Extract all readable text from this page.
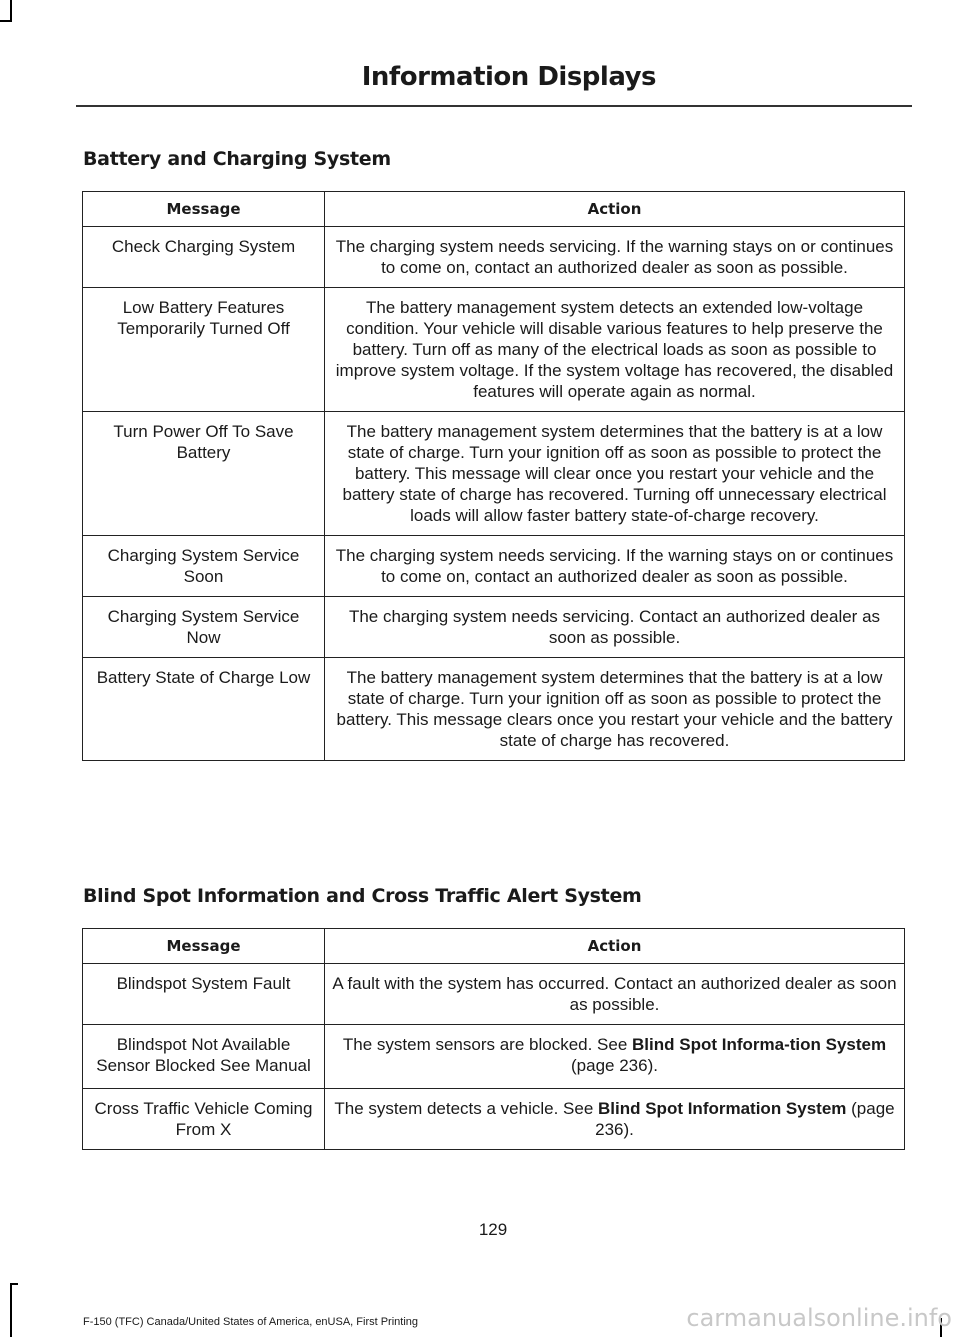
Information Displays
Battery and Charging System
Message	Action
Check Charging System	The charging system needs servicing. If the warning stays on or continues to come on, contact an authorized dealer as soon as possible.
Low Battery Features Temporarily Turned Off	The battery management system detects an extended low-voltage condition. Your vehicle will disable various features to help preserve the battery. Turn off as many of the electrical loads as soon as possible to improve system voltage. If the system voltage has recovered, the disabled features will operate again as normal.
Turn Power Off To Save Battery	The battery management system determines that the battery is at a low state of charge. Turn your ignition off as soon as possible to protect the battery. This message will clear once you restart your vehicle and the battery state of charge has recovered. Turning off unnecessary electrical loads will allow faster battery state-of-charge recovery.
Charging System Service Soon	The charging system needs servicing. If the warning stays on or continues to come on, contact an authorized dealer as soon as possible.
Charging System Service Now	The charging system needs servicing. Contact an authorized dealer as soon as possible.
Battery State of Charge Low	The battery management system determines that the battery is at a low state of charge. Turn your ignition off as soon as possible to protect the battery. This message clears once you restart your vehicle and the battery state of charge has recovered.
Blind Spot Information and Cross Traffic Alert System
Message	Action
Blindspot System Fault	A fault with the system has occurred. Contact an authorized dealer as soon as possible.
Blindspot Not Available Sensor Blocked See Manual	The system sensors are blocked. See Blind Spot Informa-tion System (page 236).
Cross Traffic Vehicle Coming From X	The system detects a vehicle. See Blind Spot Information System (page 236).
129
F-150 (TFC) Canada/United States of America, enUSA, First Printing	carmanualsonline.info
